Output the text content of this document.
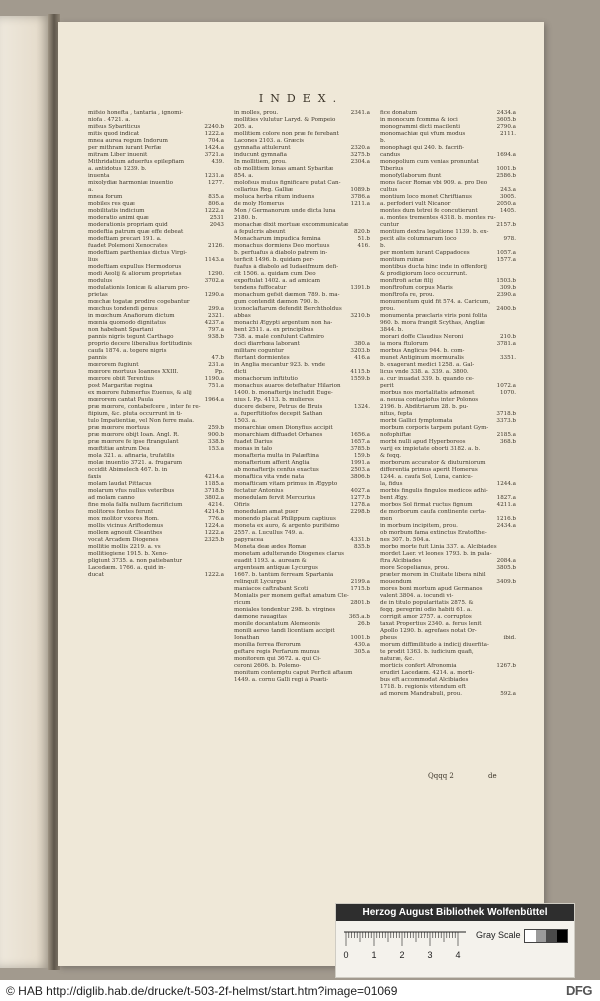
INDEX.

mifsio honefta , tantaria , ignomi-

niofa . 4721. a.

mifsus Sybariticus	2240.b

mitis quod indicat	1222.a

mnea aurea regum Indorum	704.a

per mithram iurant Perfæ	1424.a

mitram Liber inuenit	3721.a

Mithridatium aduerfus epilepfiam	439.

a. antidotus 1239. b.

inuenta	1231.a

mixolydiæ harmoniæ inuentio	1277.

a.

mnea forum	835.a

mobiles res quæ	806.a

mobilitatis indicium	1222.a

moderatio animi quæ	2531

moderationis propriam quid	2043

modeftia patrum quæ effe debeat

modeftiam precari 191. a.

fuadet Polemoni Xenocrates	2126.

modeftiam parthenias dictus Virgi-

lius	1143.a

modeftiam expullus Hermodorus

modi Aeolij & aliorum proprietas	1290.

modulus	3702.a

modulationis Ionicæ & aliarum pro-

prietas	1290.a

mœchæ togatæ prodire cogebantur

mœchus tondendi genus	299.a

in mœchum Anafiorum dictum	2321.

mœnia quomodo dignitatus	4237.a

non habebant Spartani	797.a

pannis nigris tegunt Carthago	938.b

proprio decere liberalius fortitudinis

caufa 1874. a. tegere nigris

pannis	47.b

mœrorem fugiunt	231.a

mœrore mortuus Ioannes XXIII.	Pp.

mœrore obiit Terentius	1190.a

post Margaritæ regina	751.a

ex mœrore fubmerfus Euenus, & alij

mœrorem cantat Paula	1964.a

præ mœrore, contabefcere , inter fe re-

fiipium, &c. pluta occurrunt in ti-

tulo Impatientiæ, vel Non ferre mala.

præ mœrore mortuus	259.b

præ mœrore obijt Ioan. Angl. R.	900.b

præ mœrore fe ipse ftrangulant	338.b

mœftitiæ antrum Dea	153.a

mola 321. a. afinaria, trufatilis

molæ inuentio 3721. a. frugarum

occidit Abimelech 467. b. in

faxis	4214.a

molam laudat Pittacus	1185.a

molarum vfus nullus veteribus	3718.b

ad molam canno	3802.a

fine mola falfa nullum facrificium	4214.

molitores fontes ferunt	4214.b

mox molitor vxores Rom.	776.a

mollis vicinus Ariftodemus	1224.a

mollem agnouit Cleanthes	1222.a

vocat Arcadem Diogenes	2325.b

mollitie mollis 2219. a. vs

mollitiegiene 1915. b. Xeno-

pligiunt 3735. a. non patiebantur

Lacedæm. 1766. a. quid in-

ducat	1222.a

in molles, prou.	2341.a

mollities vlulutur Laryd. & Pompeio

205. a.

mollitiem colore non præ fe ferebant

Lacones 2103. a. Græcis

gymnafia attulerunt	2320.a

inducunt gymnafia	3275.b

In mollitiem, prou.	2304.a

ob mollitiem lonas amant Sybaritæ

854. a.

molofsus mulus fignificare putat Can-

cellarius Reg. Galliæ	1089.b

moluca herba ritum induens	3786.a

de moly Homerus	1211.a

Mon / Germanorum unde dicta luna

2180. b.

monachæ dixit mortuæ excommunicatæ

à fepulcris abeunt	820.b

Monacharum impudica femina	51.b

monachus dormiens Deo mortuus	416.

b. perfuafus à diabolo patrem in-

terficit 1496. b. quidam per-

fuafus à diabolo ad Iudaeifmum defi-

cit 1506. a. quidam cum Deo

expoftulat 1402. a. ad amicam

tendens fuffocatur	1391.b

monachum gefsit dæmon 789. b. ma-

gum contendit dæmon 790. b.

iconoclaftarum defendit Berchtholdus

abbas	3210.b

monachi Ægypti argentum non ha-

bent 2511. a. ex principibus

738. a. malè confulunt Cafimiro

doci diarrhœa laborant	380.a

militare coguntur	3203.b

ftertant dormientes	416.a

in Anglia mecantur 923. b. vnde

dicti	4115.b

monachorum inftitutio	1559.b

monachus auaros detefhatur Hilarion

1400. b. monafterijs includit Euge-

nius I. Pp. 4113. b. mulieres

ducere debere, Petrus de Bruis	1324.

a. fuperftitiofos decepit Sathan

1503. a.

monarchiæ omen Dionyfius accipit

monarchiam diffuadet Orhanes	1656.a

fuadet Darius	1657.a

monas in talo	3785.b

monafteria multa in Palæftina	159.b

monafterium afferit Anglia	1991.a

ab monafterijs cenfus exactus	2503.a

monaftica vita vnde nata	3806.b

monafticam vitam primus in Ægypto

fectatur Antonius	4027.a

monedulam fervit Mercurius	1277.b

Ofiris	1278.a

monedulam amat puer	2298.b

monendo placat Philippum captiuus

moneta ex auro, & argento purifsimo

2557. a. Lucullus 749. a.

papyracea	4331.b

Moneta deæ ædes Romæ	835.b

monetam adulterando Diogenes clarus

euadit 1193. a. auream &

argenteam antiquæ Lycurgus

1667. b. tantùm ferream Spartania

relinquit Lycurgus	2199.a

maniacos caftrabant Scoti	1715.b

Monialis per monem geftat amatum Cle-

ricum	2801.b

moniales tondentur 298. b. virgines

dæmone rauagitas	365.a.b

monile docantatum Alemeonis	26.b

monili aereo tandi licentiam accipit

Ionathan	1001.b

monilia ferrea fferorum	430.a

geftare regis Perfarum munus	305.a

monitorem qui 3672. a. qui Ci-

ceroni 2606. b. Polemo-

monitum contemptu caput Perficii aftaum

1449. a. cornu Galli regi à Poæti-

fice donatum	2434.a

in monocum fcomma & ioci	3605.b

monogrammi dicti macilenti	2790.a

monomachiæ qui vfum modus	2111.

b.

monophagi qui 240. b. facrifi-

candus	1694.a

monopolium cum venias pronuntat

Tiberius	1001.b

monofyllaborum fiunt	2586.b

mons facer Romæ vbi 909. a. pro Deo

cultus	243.a

montium loco monet Chriftianus	3005.

a. perfoderi vult Nicanor	2050.a

montes dum tetrei fe concutierunt	1405.

a. montes trementes 4318. b. montes ru-

cuntur	2157.b

montium dextra legatione 1139. b. ex-

pecit alis columnarum loco	978.

b.

per montem iurant Cappadoces	1057.a

montium ruinæ	1577.a

montibus ducta hinc inde in offenforij

& prodigiorum loco occurrunt.

monftrofi actæ filij	1503.b

monftrofum corpus Maris	309.b

monftrofa re, prou.	2390.a

monumentum quid fit 574. a. Caricum,

prou.	2400.b

monumenta præclaris viris poni folita

960. b. mora frangit Scythas, Angliæ

3844. b.

morari doffe Claudius Neroni	210.b

ia mora ftulorum	3781.a

morbus Anglicus 944. b. com-

munet Antiginum mormuralis	3351.

b. exagerant medici 1258. a. Gal-

licus vnde 338. a. 339. a. 3800.

a. cur inuadat 339. b. quando ce-

perit	1072.a

morbus nos mortalitatis admonet	1070.

a. neuua contagiofus inter Polonos

2196. b. Abditriarum 28. b. pu-

nitus, fepta	3718.b

morbi Gallici fymptomata	3373.b

morbum corporis tarpem putant Gym-

nofophiftæ	2185.a

morbi nulli apud Hyperboreos	368.b

varij ex impietate oborti 3182. a. b.

& feqq.

morborum accurator & diuturniorum

differentia primus aperit Homerus

1244. a. caufa Sol, Luna, canicu-

la, fidus	1244.a

morbis fingulis fingulos medicos adhi-

bent Ægy.	1827.a

morbos Sol firmat ructus fignum	4211.a

de morborum caufa continente certa-

men	1216.b

in morbum incipitem, prou.	2434.a

ob morbum fama extinctus Eratofthe-

nes 307. b. 504.a.

morbo morte fuit Linia 337. a. Alcibiades

mordet Laer. vt leones 1793. b. in pala-

ftra Alcibiades	2084.a

more Scopelianus, prou.	3805.b

præter morem in Ciuitate libera nihil

mouendum	3409.b

mores boni mortum apud Germanos

valent 3804. a. iocundi vi-

de in titulo popularitatis 2875. &

feqq. peregrini odio habiti 61. a.

corrigit amor 2757. a. corruptos

taxat Propertius 2340. a. ferus lenit

Apollo 1290. b. agrefaes notat Or-

pheus	ibid.

morum diffimilitudo à indicij diuerfita-

te prodit 1363. b. iudicium quafi,

naturæ, &c.

morticis confert Afronomia	1267.b

erudiri Lacedæm. 4214. a. morti-

bus eft accommodat Alcibiades

1718. b. regionis vitendum eft

ad morem Mandrabuli, prou.	592.a

Qqqq 2	de
Herzog August Bibliothek Wolfenbüttel
0	1	2	3	4
Gray Scale
© HAB http://diglib.hab.de/drucke/t-503-2f-helmst/start.htm?image=01069	DFG
